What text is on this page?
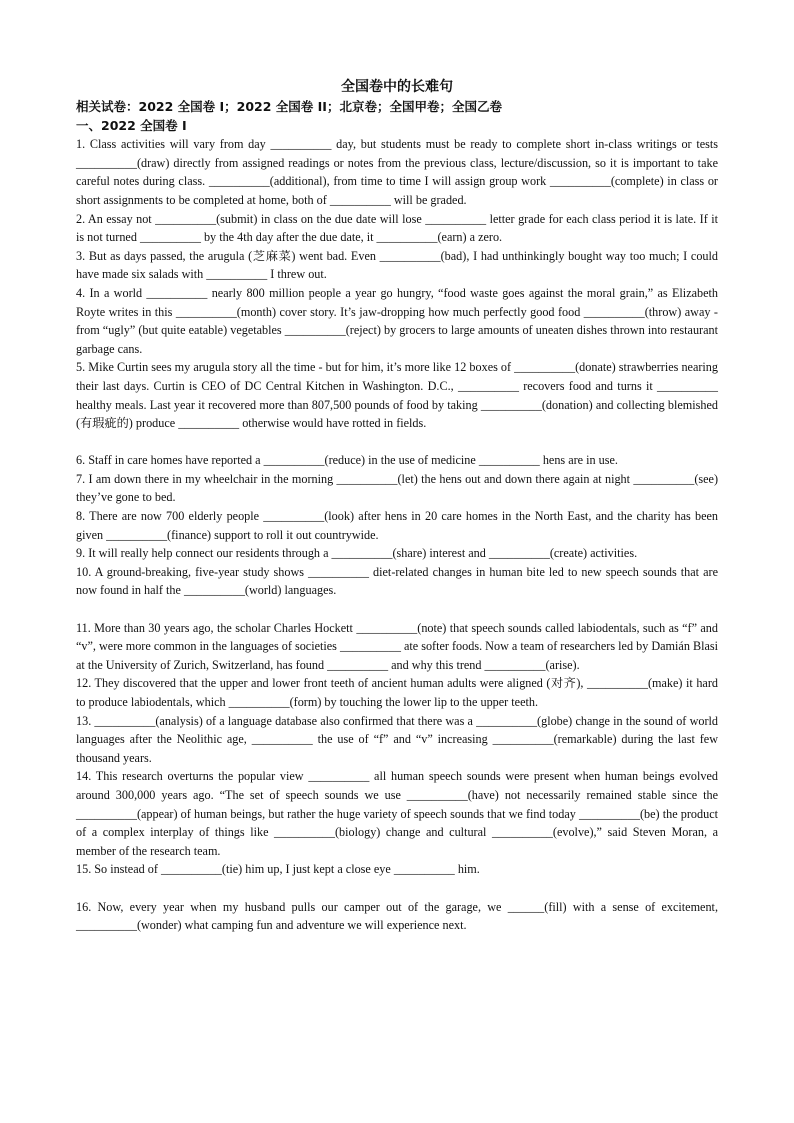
全国卷中的长难句

相关试卷：2022 全国卷 I；2022 全国卷 II；北京卷；全国甲卷；全国乙卷

一、2022 全国卷 I

1. Class activities will vary from day __________ day, but students must be ready to complete short in-class writings or tests __________(draw) directly from assigned readings or notes from the previous class, lecture/discussion, so it is important to take careful notes during class. __________(additional), from time to time I will assign group work __________(complete) in class or short assignments to be completed at home, both of __________ will be graded.

2. An essay not __________(submit) in class on the due date will lose __________ letter grade for each class period it is late. If it is not turned __________ by the 4th day after the due date, it __________(earn) a zero.

3. But as days passed, the arugula (芝麻菜) went bad. Even __________(bad), I had unthinkingly bought way too much; I could have made six salads with __________ I threw out.

4. In a world __________ nearly 800 million people a year go hungry, “food waste goes against the moral grain,” as Elizabeth Royte writes in this __________(month) cover story. It’s jaw-dropping how much perfectly good food __________(throw) away - from “ugly” (but quite eatable) vegetables __________(reject) by grocers to large amounts of uneaten dishes thrown into restaurant garbage cans.

5. Mike Curtin sees my arugula story all the time - but for him, it’s more like 12 boxes of __________(donate) strawberries nearing their last days. Curtin is CEO of DC Central Kitchen in Washington. D.C., __________ recovers food and turns it __________ healthy meals. Last year it recovered more than 807,500 pounds of food by taking __________(donation) and collecting blemished (有瑕疵的) produce __________ otherwise would have rotted in fields.

6. Staff in care homes have reported a __________(reduce) in the use of medicine __________ hens are in use.

7. I am down there in my wheelchair in the morning __________(let) the hens out and down there again at night __________(see) they’ve gone to bed.

8. There are now 700 elderly people __________(look) after hens in 20 care homes in the North East, and the charity has been given __________(finance) support to roll it out countrywide.

9. It will really help connect our residents through a __________(share) interest and __________(create) activities.

10. A ground-breaking, five-year study shows __________ diet-related changes in human bite led to new speech sounds that are now found in half the __________(world) languages.

11. More than 30 years ago, the scholar Charles Hockett __________(note) that speech sounds called labiodentals, such as “f” and “v”, were more common in the languages of societies __________ ate softer foods. Now a team of researchers led by Damián Blasi at the University of Zurich, Switzerland, has found __________ and why this trend __________(arise).

12. They discovered that the upper and lower front teeth of ancient human adults were aligned (对齐), __________(make) it hard to produce labiodentals, which __________(form) by touching the lower lip to the upper teeth.

13. __________(analysis) of a language database also confirmed that there was a __________(globe) change in the sound of world languages after the Neolithic age, __________ the use of “f” and “v” increasing __________(remarkable) during the last few thousand years.

14. This research overturns the popular view __________ all human speech sounds were present when human beings evolved around 300,000 years ago. “The set of speech sounds we use __________(have) not necessarily remained stable since the __________(appear) of human beings, but rather the huge variety of speech sounds that we find today __________(be) the product of a complex interplay of things like __________(biology) change and cultural __________(evolve),” said Steven Moran, a member of the research team.

15. So instead of __________(tie) him up, I just kept a close eye __________ him.

16. Now, every year when my husband pulls our camper out of the garage, we ______(fill) with a sense of excitement, __________(wonder) what camping fun and adventure we will experience next.
